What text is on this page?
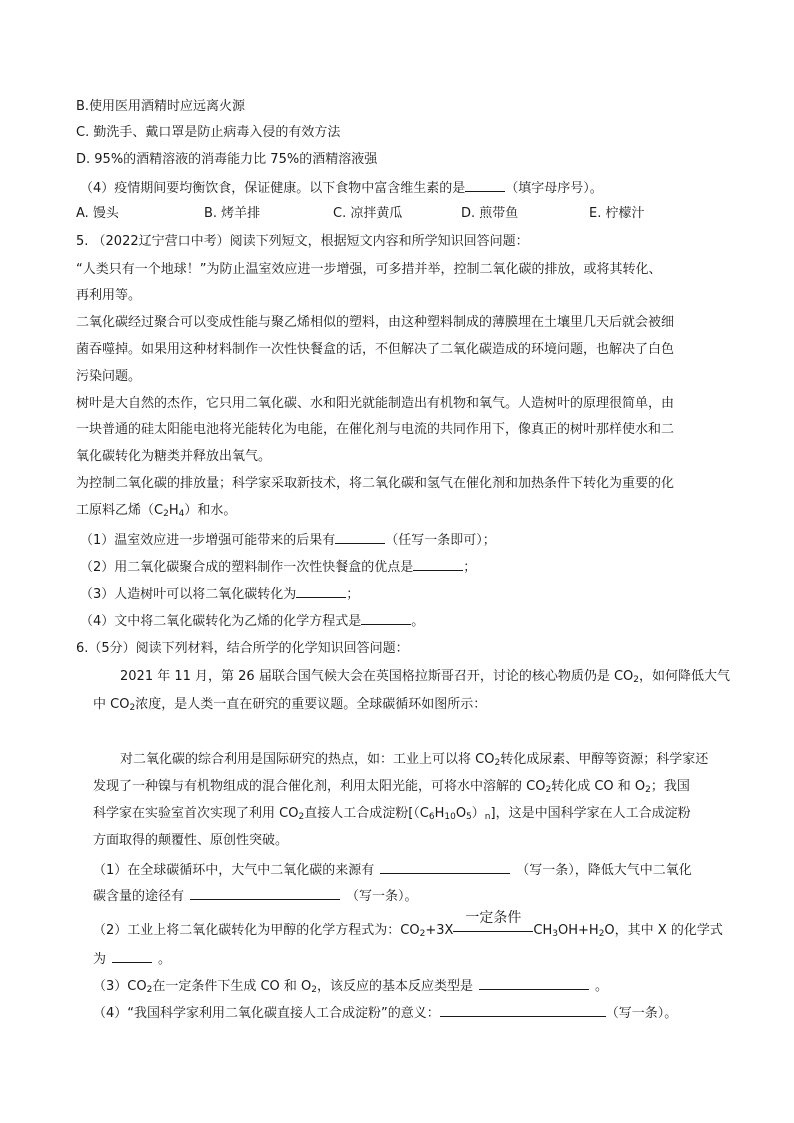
B.使用医用酒精时应远离火源
C. 勤洗手、戴口罩是防止病毒入侵的有效方法
D. 95%的酒精溶液的消毒能力比 75%的酒精溶液强
（4）疫情期间要均衡饮食，保证健康。以下食物中富含维生素的是	（填字母序号）。
A. 馒头	B. 烤羊排	C. 凉拌黄瓜	D. 煎带鱼	E. 柠檬汁
5. （2022辽宁营口中考）阅读下列短文，根据短文内容和所学知识回答问题：
“人类只有一个地球！”为防止温室效应进一步增强，可多措并举，控制二氧化碳的排放，或将其转化、
再利用等。
二氧化碳经过聚合可以变成性能与聚乙烯相似的塑料，由这种塑料制成的薄膜埋在土壤里几天后就会被细
菌吞噬掉。如果用这种材料制作一次性快餐盒的话，不但解决了二氧化碳造成的环境问题，也解决了白色
污染问题。
树叶是大自然的杰作，它只用二氧化碳、水和阳光就能制造出有机物和氧气。人造树叶的原理很简单，由
一块普通的硅太阳能电池将光能转化为电能，在催化剂与电流的共同作用下，像真正的树叶那样使水和二
氧化碳转化为糖类并释放出氧气。
为控制二氧化碳的排放量；科学家采取新技术，将二氧化碳和氢气在催化剂和加热条件下转化为重要的化
工原料乙烯$(C_2H_4)$和水。
（1）温室效应进一步增强可能带来的后果有	（任写一条即可）；
（2）用二氧化碳聚合成的塑料制作一次性快餐盒的优点是	；
（3）人造树叶可以将二氧化碳转化为	；
（4）文中将二氧化碳转化为乙烯的化学方程式是	。
6.（5分）阅读下列材料，结合所学的化学知识回答问题：
2021 年 11 月，第 26 届联合国气候大会在英国格拉斯哥召开，讨论的核心物质仍是 $CO_2$，如何降低大气
中 $CO_2$浓度，是人类一直在研究的重要议题。全球碳循环如图所示：
对二氧化碳的综合利用是国际研究的热点，如：工业上可以将 $CO_2$转化成尿素、甲醇等资源；科学家还
发现了一种镍与有机物组成的混合催化剂，利用太阳光能，可将水中溶解的 $CO_2$转化成 CO 和 $O_2$；我国
科学家在实验室首次实现了利用 $CO_2$直接人工合成淀粉$[(C_6H_{10}O_5)_n]$，这是中国科学家在人工合成淀粉
方面取得的颠覆性、原创性突破。
（1）在全球碳循环中，大气中二氧化碳的来源有	（写一条），降低大气中二氧化
碳含量的途径有	（写一条）。
（2）工业上将二氧化碳转化为甲醇的化学方程式为：$CO_2+3X$
一定条件
$CH_3OH+H_2O$，其中 X 的化学式
为	。
$(3)CO_2$在一定条件下生成 CO 和 $O_2$，该反应的基本反应类型是	。
（4）“我国科学家利用二氧化碳直接人工合成淀粉”的意义：	（写一条）。
